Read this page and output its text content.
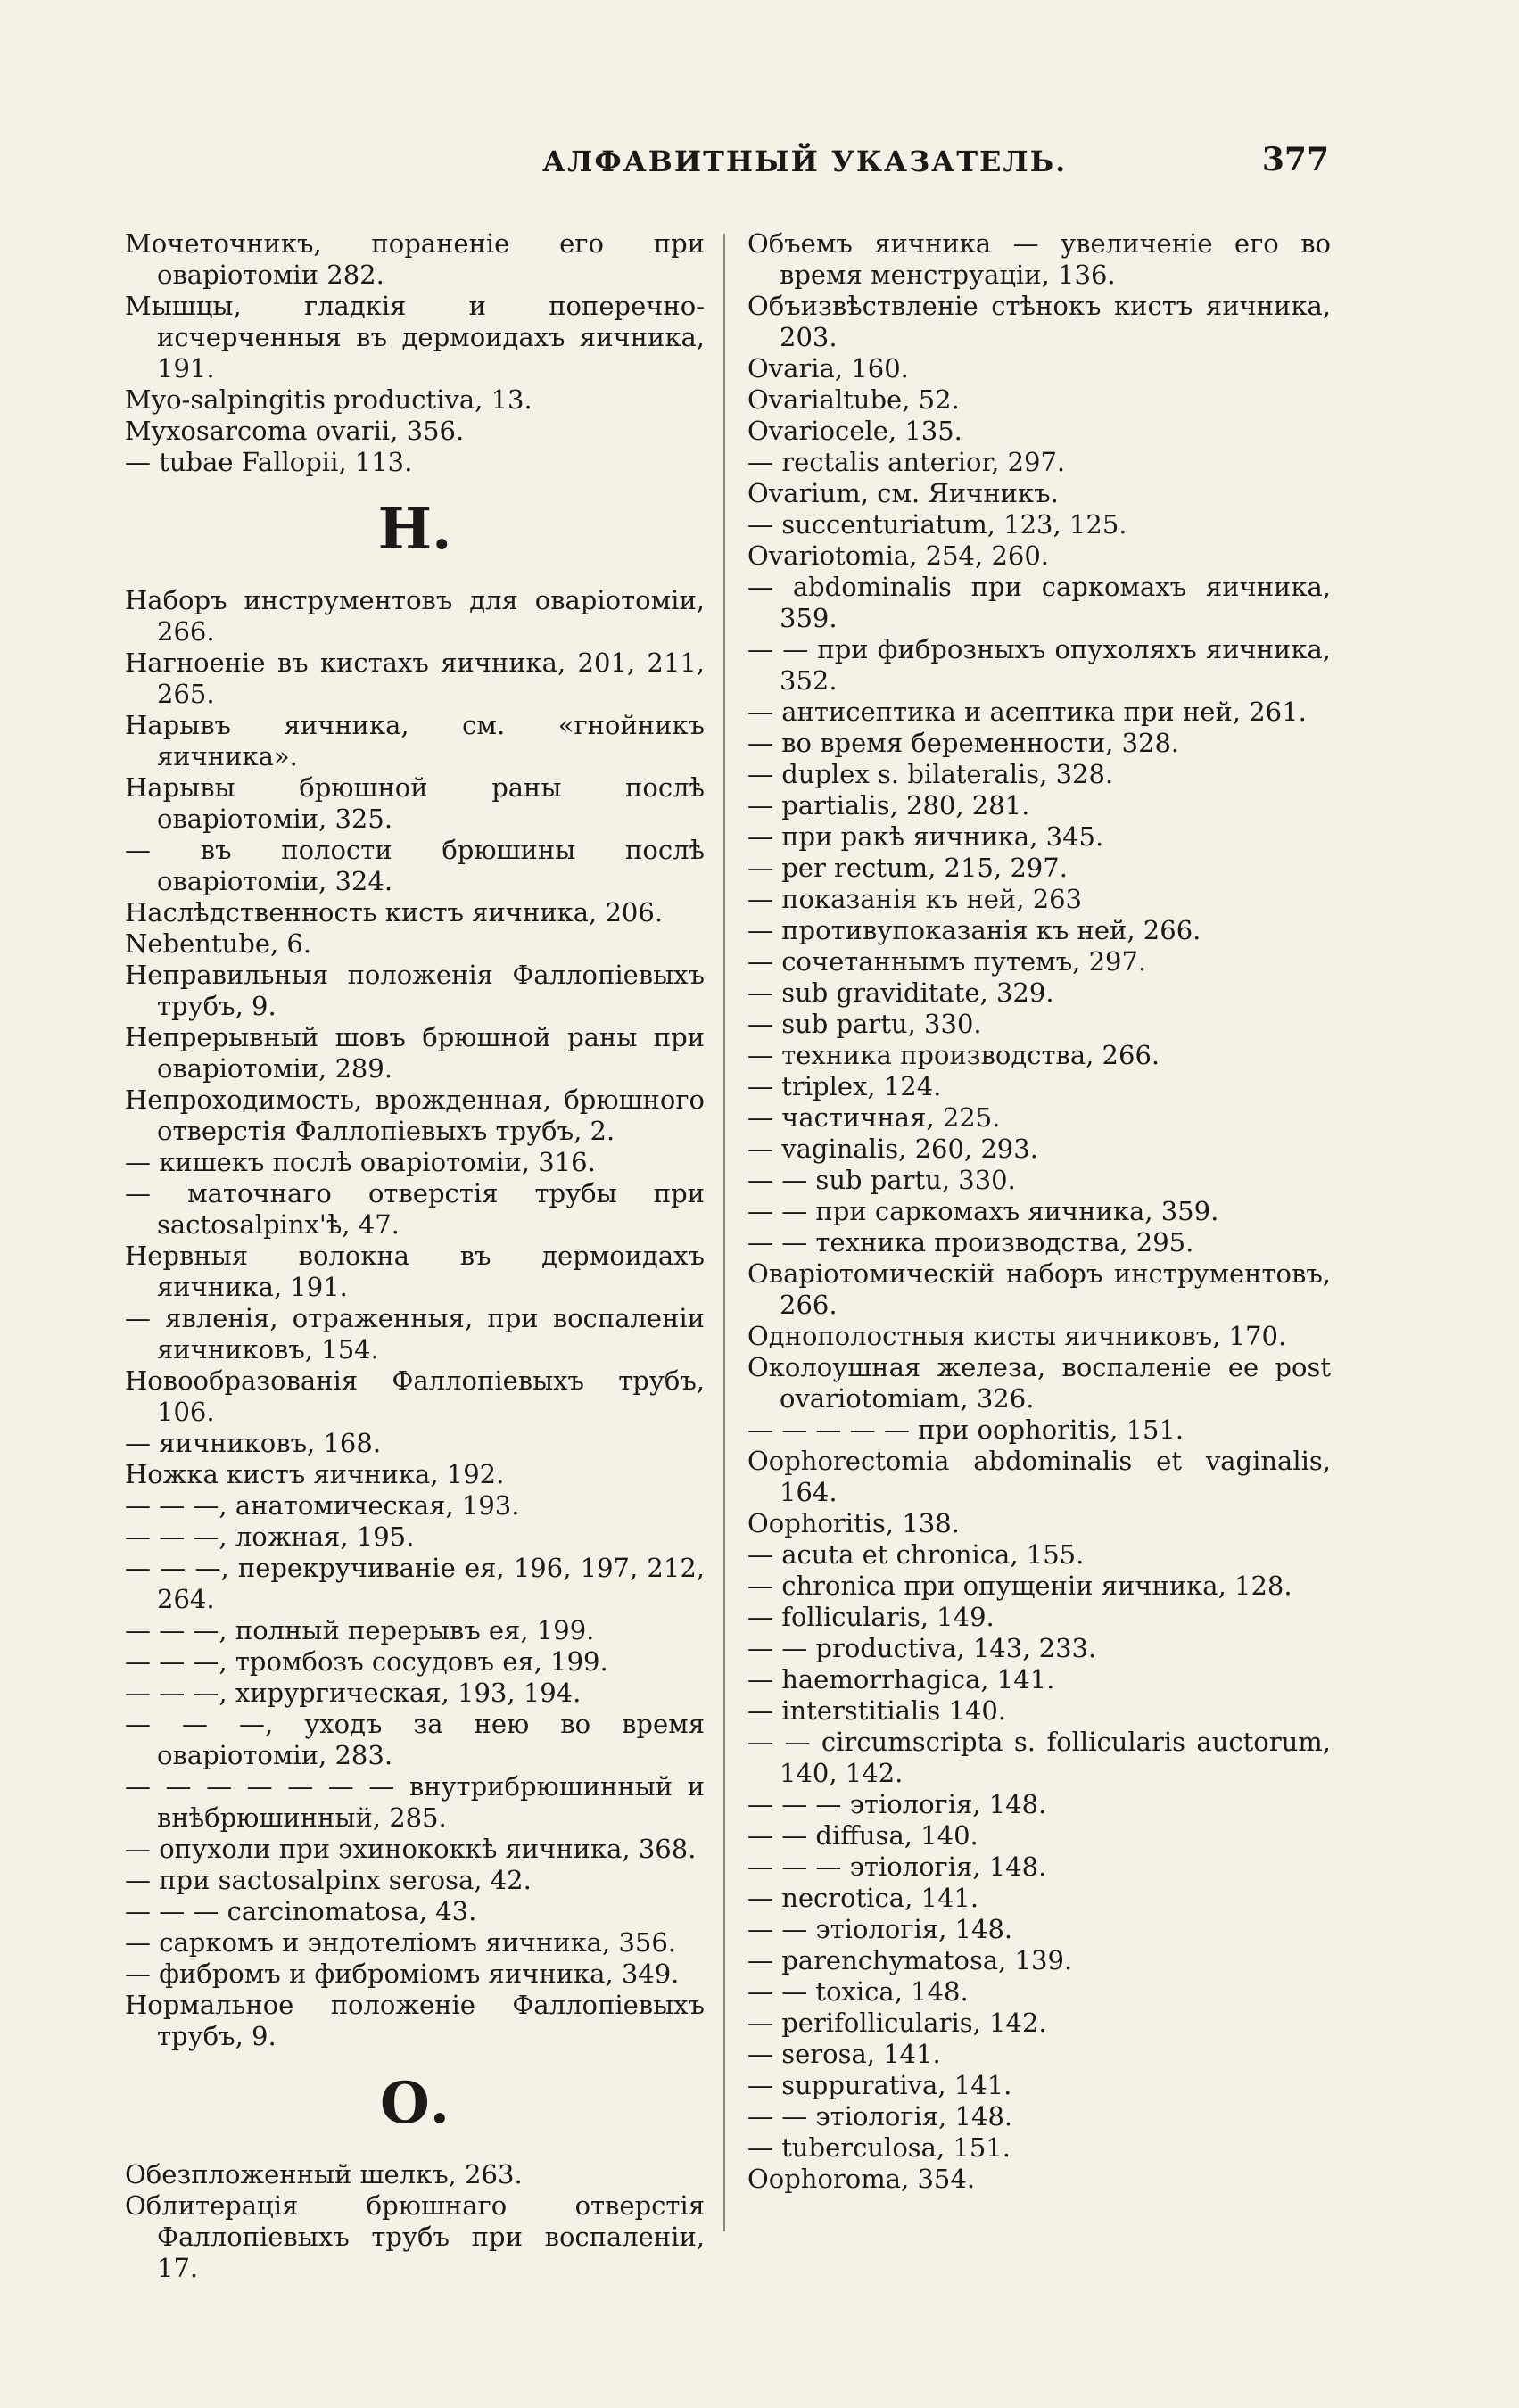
АЛФАВИТНЫЙ УКАЗАТЕЛЬ.	377
Мочеточникъ, пораненіе его при оваріотоміи 282.
Мышцы, гладкія и поперечно-исчерченныя въ дермоидахъ яичника, 191.
Myo-salpingitis productiva, 13.
Myxosarcoma ovarii, 356.
— tubae Fallopii, 113.
Н.
Наборъ инструментовъ для оваріотоміи, 266.
Нагноеніе въ кистахъ яичника, 201, 211, 265.
Нарывъ яичника, см. «гнойникъ яичника».
Нарывы брюшной раны послѣ оваріотоміи, 325.
— въ полости брюшины послѣ оваріотоміи, 324.
Наслѣдственность кистъ яичника, 206.
Nebentube, 6.
Неправильныя положенія Фаллопіевыхъ трубъ, 9.
Непрерывный шовъ брюшной раны при оваріотоміи, 289.
Непроходимость, врожденная, брюшного отверстія Фаллопіевыхъ трубъ, 2.
— кишекъ послѣ оваріотоміи, 316.
— маточнаго отверстія трубы при sactosalpinx'ѣ, 47.
Нервныя волокна въ дермоидахъ яичника, 191.
— явленія, отраженныя, при воспаленіи яичниковъ, 154.
Новообразованія Фаллопіевыхъ трубъ, 106.
— яичниковъ, 168.
Ножка кистъ яичника, 192.
— — —, анатомическая, 193.
— — —, ложная, 195.
— — —, перекручиваніе ея, 196, 197, 212, 264.
— — —, полный перерывъ ея, 199.
— — —, тромбозъ сосудовъ ея, 199.
— — —, хирургическая, 193, 194.
— — —, уходъ за нею во время оваріотоміи, 283.
— — — — — — — внутрибрюшинный и внѣбрюшинный, 285.
— опухоли при эхинококкѣ яичника, 368.
— при sactosalpinx serosa, 42.
— — — carcinomatosa, 43.
— саркомъ и эндотеліомъ яичника, 356.
— фибромъ и фиброміомъ яичника, 349.
Нормальное положеніе Фаллопіевыхъ трубъ, 9.
О.
Обезпложенный шелкъ, 263.
Облитерація брюшнаго отверстія Фаллопіевыхъ трубъ при воспаленіи, 17.
Объемъ яичника — увеличеніе его во время менструаціи, 136.
Объизвѣствленіе стѣнокъ кистъ яичника, 203.
Ovaria, 160.
Ovarialtube, 52.
Ovariocele, 135.
— rectalis anterior, 297.
Ovarium, см. Яичникъ.
— succenturiatum, 123, 125.
Ovariotomia, 254, 260.
— abdominalis при саркомахъ яичника, 359.
— — при фиброзныхъ опухоляхъ яичника, 352.
— антисептика и асептика при ней, 261.
— во время беременности, 328.
— duplex s. bilateralis, 328.
— partialis, 280, 281.
— при ракѣ яичника, 345.
— per rectum, 215, 297.
— показанія къ ней, 263
— противупоказанія къ ней, 266.
— сочетаннымъ путемъ, 297.
— sub graviditate, 329.
— sub partu, 330.
— техника производства, 266.
— triplex, 124.
— частичная, 225.
— vaginalis, 260, 293.
— — sub partu, 330.
— — при саркомахъ яичника, 359.
— — техника производства, 295.
Оваріотомическій наборъ инструментовъ, 266.
Однополостныя кисты яичниковъ, 170.
Околоушная железа, воспаленіе ее post ovariotomiam, 326.
— — — — — при oophoritis, 151.
Oophorectomia abdominalis et vaginalis, 164.
Oophoritis, 138.
— acuta et chronica, 155.
— chronica при опущеніи яичника, 128.
— follicularis, 149.
— — productiva, 143, 233.
— haemorrhagica, 141.
— interstitialis 140.
— — circumscripta s. follicularis auctorum, 140, 142.
— — — этіологія, 148.
— — diffusa, 140.
— — — этіологія, 148.
— necrotica, 141.
— — этіологія, 148.
— parenchymatosa, 139.
— — toxica, 148.
— perifollicularis, 142.
— serosa, 141.
— suppurativa, 141.
— — этіологія, 148.
— tuberculosa, 151.
Oophoroma, 354.
